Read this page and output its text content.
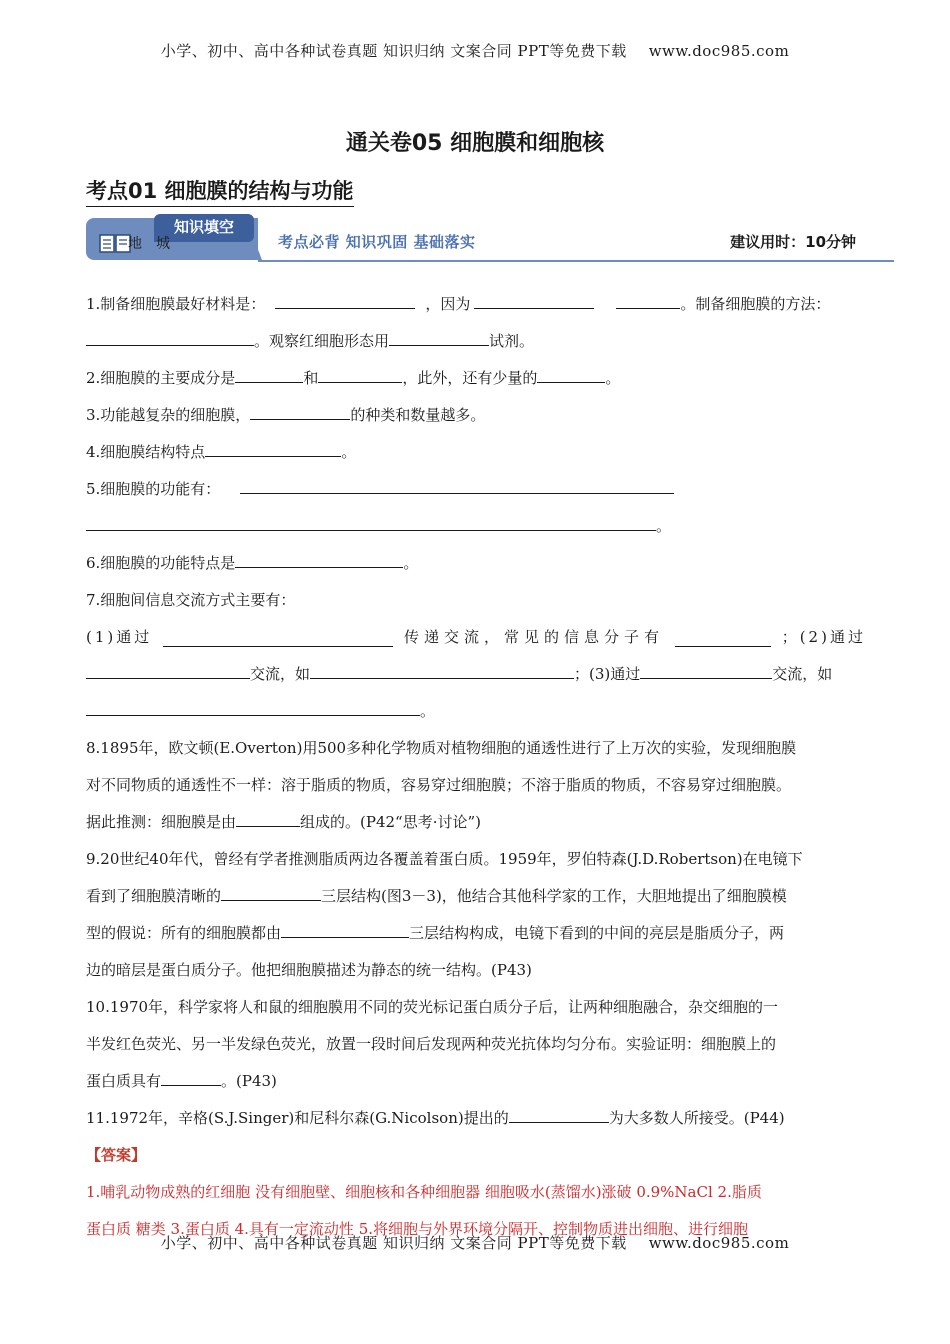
小学、初中、高中各种试卷真题 知识归纳 文案合同 PPT等免费下载 www.doc985.com
通关卷05 细胞膜和细胞核
考点01 细胞膜的结构与功能
知识填空
地城	考点必背 知识巩固 基础落实	建议用时：10分钟
1.制备细胞膜最好材料是：	，因为	。制备细胞膜的方法：
。观察红细胞形态用	试剂。
2.细胞膜的主要成分是	和	，此外，还有少量的	。
3.功能越复杂的细胞膜，	的种类和数量越多。
4.细胞膜结构特点	。
5.细胞膜的功能有：
。
6.细胞膜的功能特点是	。
7.细胞间信息交流方式主要有：
(1)通过	传递交流，常见的信息分子有	；(2)通过
交流，如	；(3)通过	交流，如
。
8.1895年，欧文顿(E.Overton)用500多种化学物质对植物细胞的通透性进行了上万次的实验，发现细胞膜
对不同物质的通透性不一样：溶于脂质的物质，容易穿过细胞膜；不溶于脂质的物质，不容易穿过细胞膜。
据此推测：细胞膜是由	组成的。(P42“思考·讨论”)
9.20世纪40年代，曾经有学者推测脂质两边各覆盖着蛋白质。1959年，罗伯特森(J.D.Robertson)在电镜下
看到了细胞膜清晰的	三层结构(图3－3)，他结合其他科学家的工作，大胆地提出了细胞膜模
型的假说：所有的细胞膜都由	三层结构构成，电镜下看到的中间的亮层是脂质分子，两
边的暗层是蛋白质分子。他把细胞膜描述为静态的统一结构。(P43)
10.1970年，科学家将人和鼠的细胞膜用不同的荧光标记蛋白质分子后，让两种细胞融合，杂交细胞的一
半发红色荧光、另一半发绿色荧光，放置一段时间后发现两种荧光抗体均匀分布。实验证明：细胞膜上的
蛋白质具有	。(P43)
11.1972年，辛格(S.J.Singer)和尼科尔森(G.Nicolson)提出的	为大多数人所接受。(P44)
【答案】
1.哺乳动物成熟的红细胞 没有细胞壁、细胞核和各种细胞器 细胞吸水(蒸馏水)涨破 0.9%NaCl 2.脂质
蛋白质 糖类 3.蛋白质 4.具有一定流动性 5.将细胞与外界环境分隔开、控制物质进出细胞、进行细胞
小学、初中、高中各种试卷真题 知识归纳 文案合同 PPT等免费下载 www.doc985.com
